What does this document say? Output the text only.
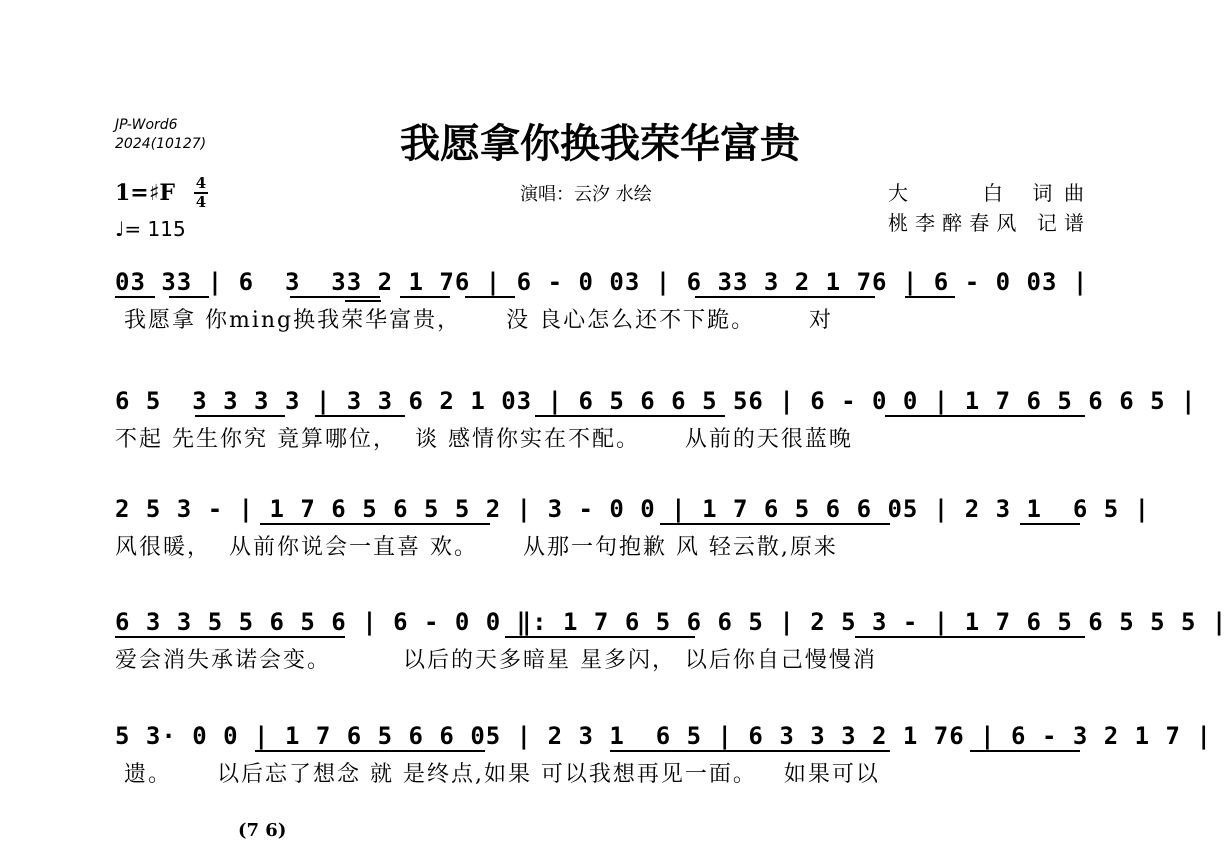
JP-Word6
2024(10127)	我愿拿你换我荣华富贵
演唱：云汐 水绘	大　　白 词曲
桃李醉春风 记谱
1=♯F 4
4
♩= 115
03 33 | 6  3  33 2 1 76 | 6 - 0 03 | 6 33 3 2 1 76 | 6 - 0 03 |
我愿拿 你ming换我荣华富贵，     没 良心怎么还不下跪。      对
6 5  3 3 3 3 | 3 3 6 2 1 03 | 6 5 6 6 5 56 | 6 - 0 0 | 1 7 6 5 6 6 5 |
不起 先生你究 竟算哪位，  谈 感情你实在不配。     从前的天很蓝晚
2 5 3 - | 1 7 6 5 6 5 5 2 | 3 - 0 0 | 1 7 6 5 6 6 05 | 2 3 1  6 5 |
风很暖，  从前你说会一直喜 欢。     从那一句抱歉 风 轻云散,原来
6 3 3 5 5 6 5 6 | 6 - 0 0 ‖: 1 7 6 5 6 6 5 | 2 5 3 - | 1 7 6 5 6 5 5 5 |
爱会消失承诺会变。        以后的天多暗星 星多闪， 以后你自己慢慢消
5 3· 0 0 | 1 7 6 5 6 6 05 | 2 3 1  6 5 | 6 3 3 3 2 1 76 | 6 - 3 2 1 7 |
遗。     以后忘了想念 就 是终点,如果 可以我想再见一面。   如果可以
(7 6)
